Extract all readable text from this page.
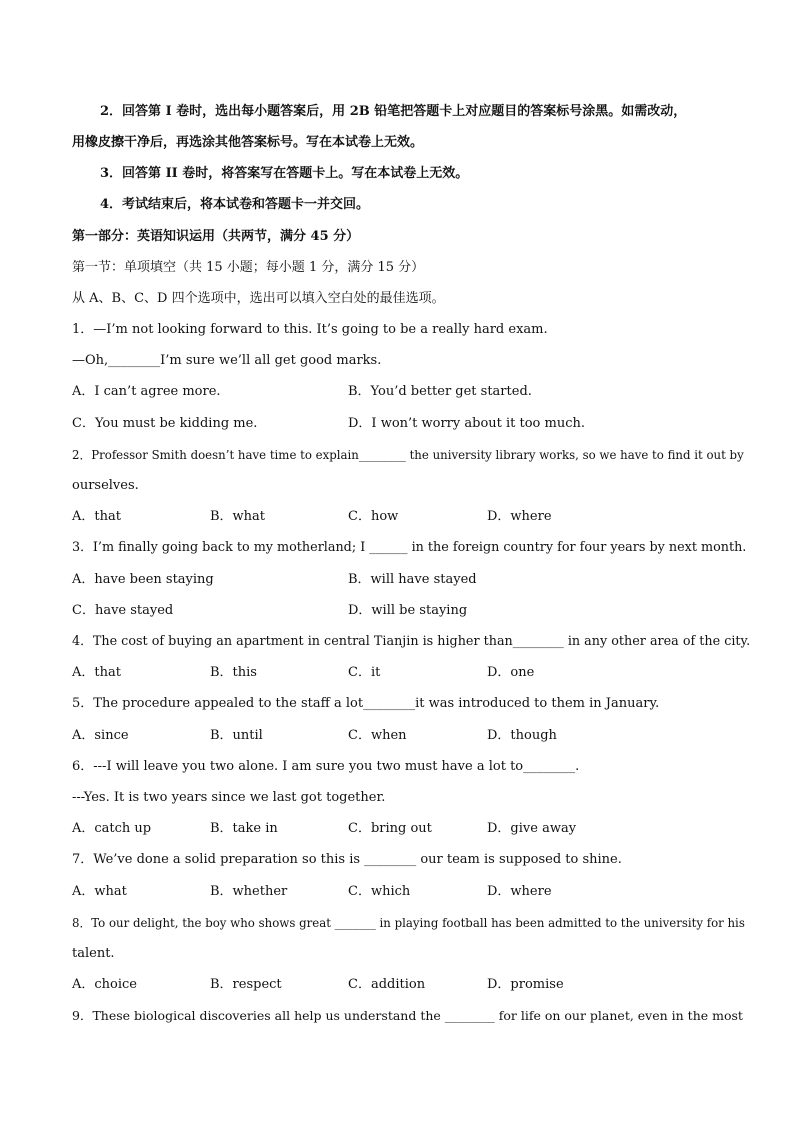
2．回答第 I 卷时，选出每小题答案后，用 2B 铅笔把答题卡上对应题目的答案标号涂黑。如需改动，
用橡皮擦干净后，再选涂其他答案标号。写在本试卷上无效。
3．回答第 II 卷时，将答案写在答题卡上。写在本试卷上无效。
4．考试结束后，将本试卷和答题卡一并交回。
第一部分：英语知识运用（共两节，满分 45 分）
第一节：单项填空（共 15 小题；每小题 1 分，满分 15 分）
从 A、B、C、D 四个选项中，选出可以填入空白处的最佳选项。
1．—I’m not looking forward to this. It’s going to be a really hard exam.
—Oh,________I’m sure we’ll all get good marks.
A．I can’t agree more.	B．You’d better get started.
C．You must be kidding me.	D．I won’t worry about it too much.
2．Professor Smith doesn’t have time to explain________ the university library works, so we have to find it out by
ourselves.
A．that	B．what	C．how	D．where
3．I’m finally going back to my motherland; I ______ in the foreign country for four years by next month.
A．have been staying	B．will have stayed
C．have stayed	D．will be staying
4．The cost of buying an apartment in central Tianjin is higher than________ in any other area of the city.
A．that	B．this	C．it	D．one
5．The procedure appealed to the staff a lot________it was introduced to them in January.
A．since	B．until	C．when	D．though
6．---I will leave you two alone. I am sure you two must have a lot to________.
---Yes. It is two years since we last got together.
A．catch up	B．take in	C．bring out	D．give away
7．We’ve done a solid preparation so this is ________ our team is supposed to shine.
A．what	B．whether	C．which	D．where
8．To our delight, the boy who shows great _______ in playing football has been admitted to the university for his
talent.
A．choice	B．respect	C．addition	D．promise
9．These biological discoveries all help us understand the ________ for life on our planet, even in the most
